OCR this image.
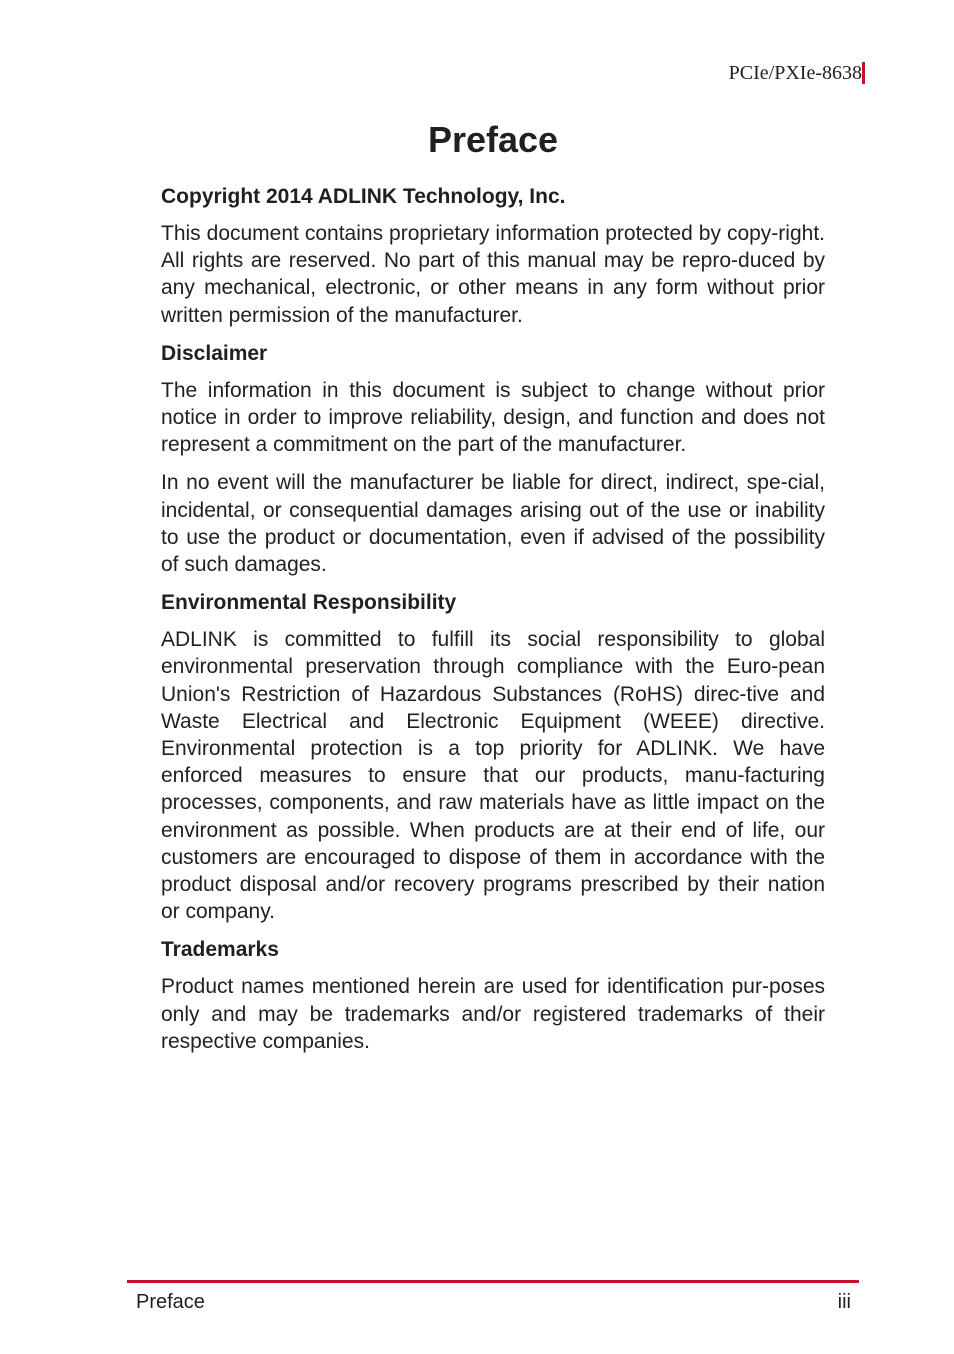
PCIe/PXIe-8638
Preface
Copyright 2014 ADLINK Technology, Inc.

This document contains proprietary information protected by copy-right. All rights are reserved. No part of this manual may be repro-duced by any mechanical, electronic, or other means in any form without prior written permission of the manufacturer.

Disclaimer

The information in this document is subject to change without prior notice in order to improve reliability, design, and function and does not represent a commitment on the part of the manufacturer.

In no event will the manufacturer be liable for direct, indirect, spe-cial, incidental, or consequential damages arising out of the use or inability to use the product or documentation, even if advised of the possibility of such damages.

Environmental Responsibility

ADLINK is committed to fulfill its social responsibility to global environmental preservation through compliance with the Euro-pean Union's Restriction of Hazardous Substances (RoHS) direc-tive and Waste Electrical and Electronic Equipment (WEEE) directive. Environmental protection is a top priority for ADLINK. We have enforced measures to ensure that our products, manu-facturing processes, components, and raw materials have as little impact on the environment as possible. When products are at their end of life, our customers are encouraged to dispose of them in accordance with the product disposal and/or recovery programs prescribed by their nation or company.

Trademarks

Product names mentioned herein are used for identification pur-poses only and may be trademarks and/or registered trademarks of their respective companies.

Preface	iii
